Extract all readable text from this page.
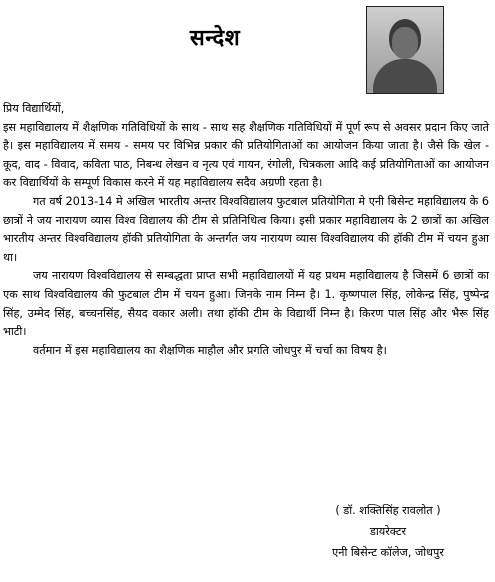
सन्देश

प्रिय विद्यार्थियों,

इस महाविद्यालय में शैक्षणिक गतिविधियों के साथ - साथ सह शैक्षणिक गतिविधियों में पूर्ण रूप से अवसर प्रदान किए जाते है। इस महाविद्यालय में समय - समय पर विभिन्न प्रकार की प्रतियोगिताओं का आयोजन किया जाता है। जैसे कि खेल - कूद, वाद - विवाद, कविता पाठ, निबन्ध लेखन व नृत्य एवं गायन, रंगोली, चित्रकला आदि कई प्रतियोगिताओं का आयोजन कर विद्यार्थियों के सम्पूर्ण विकास करने में यह महाविद्यालय सदैव अग्रणी रहता है।

गत वर्ष 2013-14 मे अखिल भारतीय अन्तर विश्वविद्यालय फुटबाल प्रतियोगिता मे एनी बिसेन्ट महाविद्यालय के 6 छात्रों ने जय नारायण व्यास विश्व विद्यालय की टीम से प्रतिनिधित्व किया। इसी प्रकार महाविद्यालय के 2 छात्रों का अखिल भारतीय अन्तर विश्वविद्यालय हॉकी प्रतियोगिता के अन्तर्गत जय नारायण व्यास विश्वविद्यालय की हॉकी टीम में चयन हुआ था।

जय नारायण विश्वविद्यालय से सम्बद्धता प्राप्त सभी महाविद्यालयों में यह प्रथम महाविद्यालय है जिसमें 6 छात्रों का एक साथ विश्वविद्यालय की फुटबाल टीम में चयन हुआ। जिनके नाम निम्न है। 1. कृष्णपाल सिंह, लोकेन्द्र सिंह, पुष्पेन्द्र सिंह, उम्मेद सिंह, बच्चनसिंह, सैयद वकार अली। तथा हॉकी टीम के विद्यार्थी निम्न है। किरण पाल सिंह और भैरू सिंह भाटी।

वर्तमान में इस महाविद्यालय का शैक्षणिक माहौल और प्रगति जोधपुर में चर्चा का विषय है।

( डॉ. शक्तिसिंह रावलोत )
डायरेक्टर
एनी बिसेन्ट कॉलेज, जोधपुर
